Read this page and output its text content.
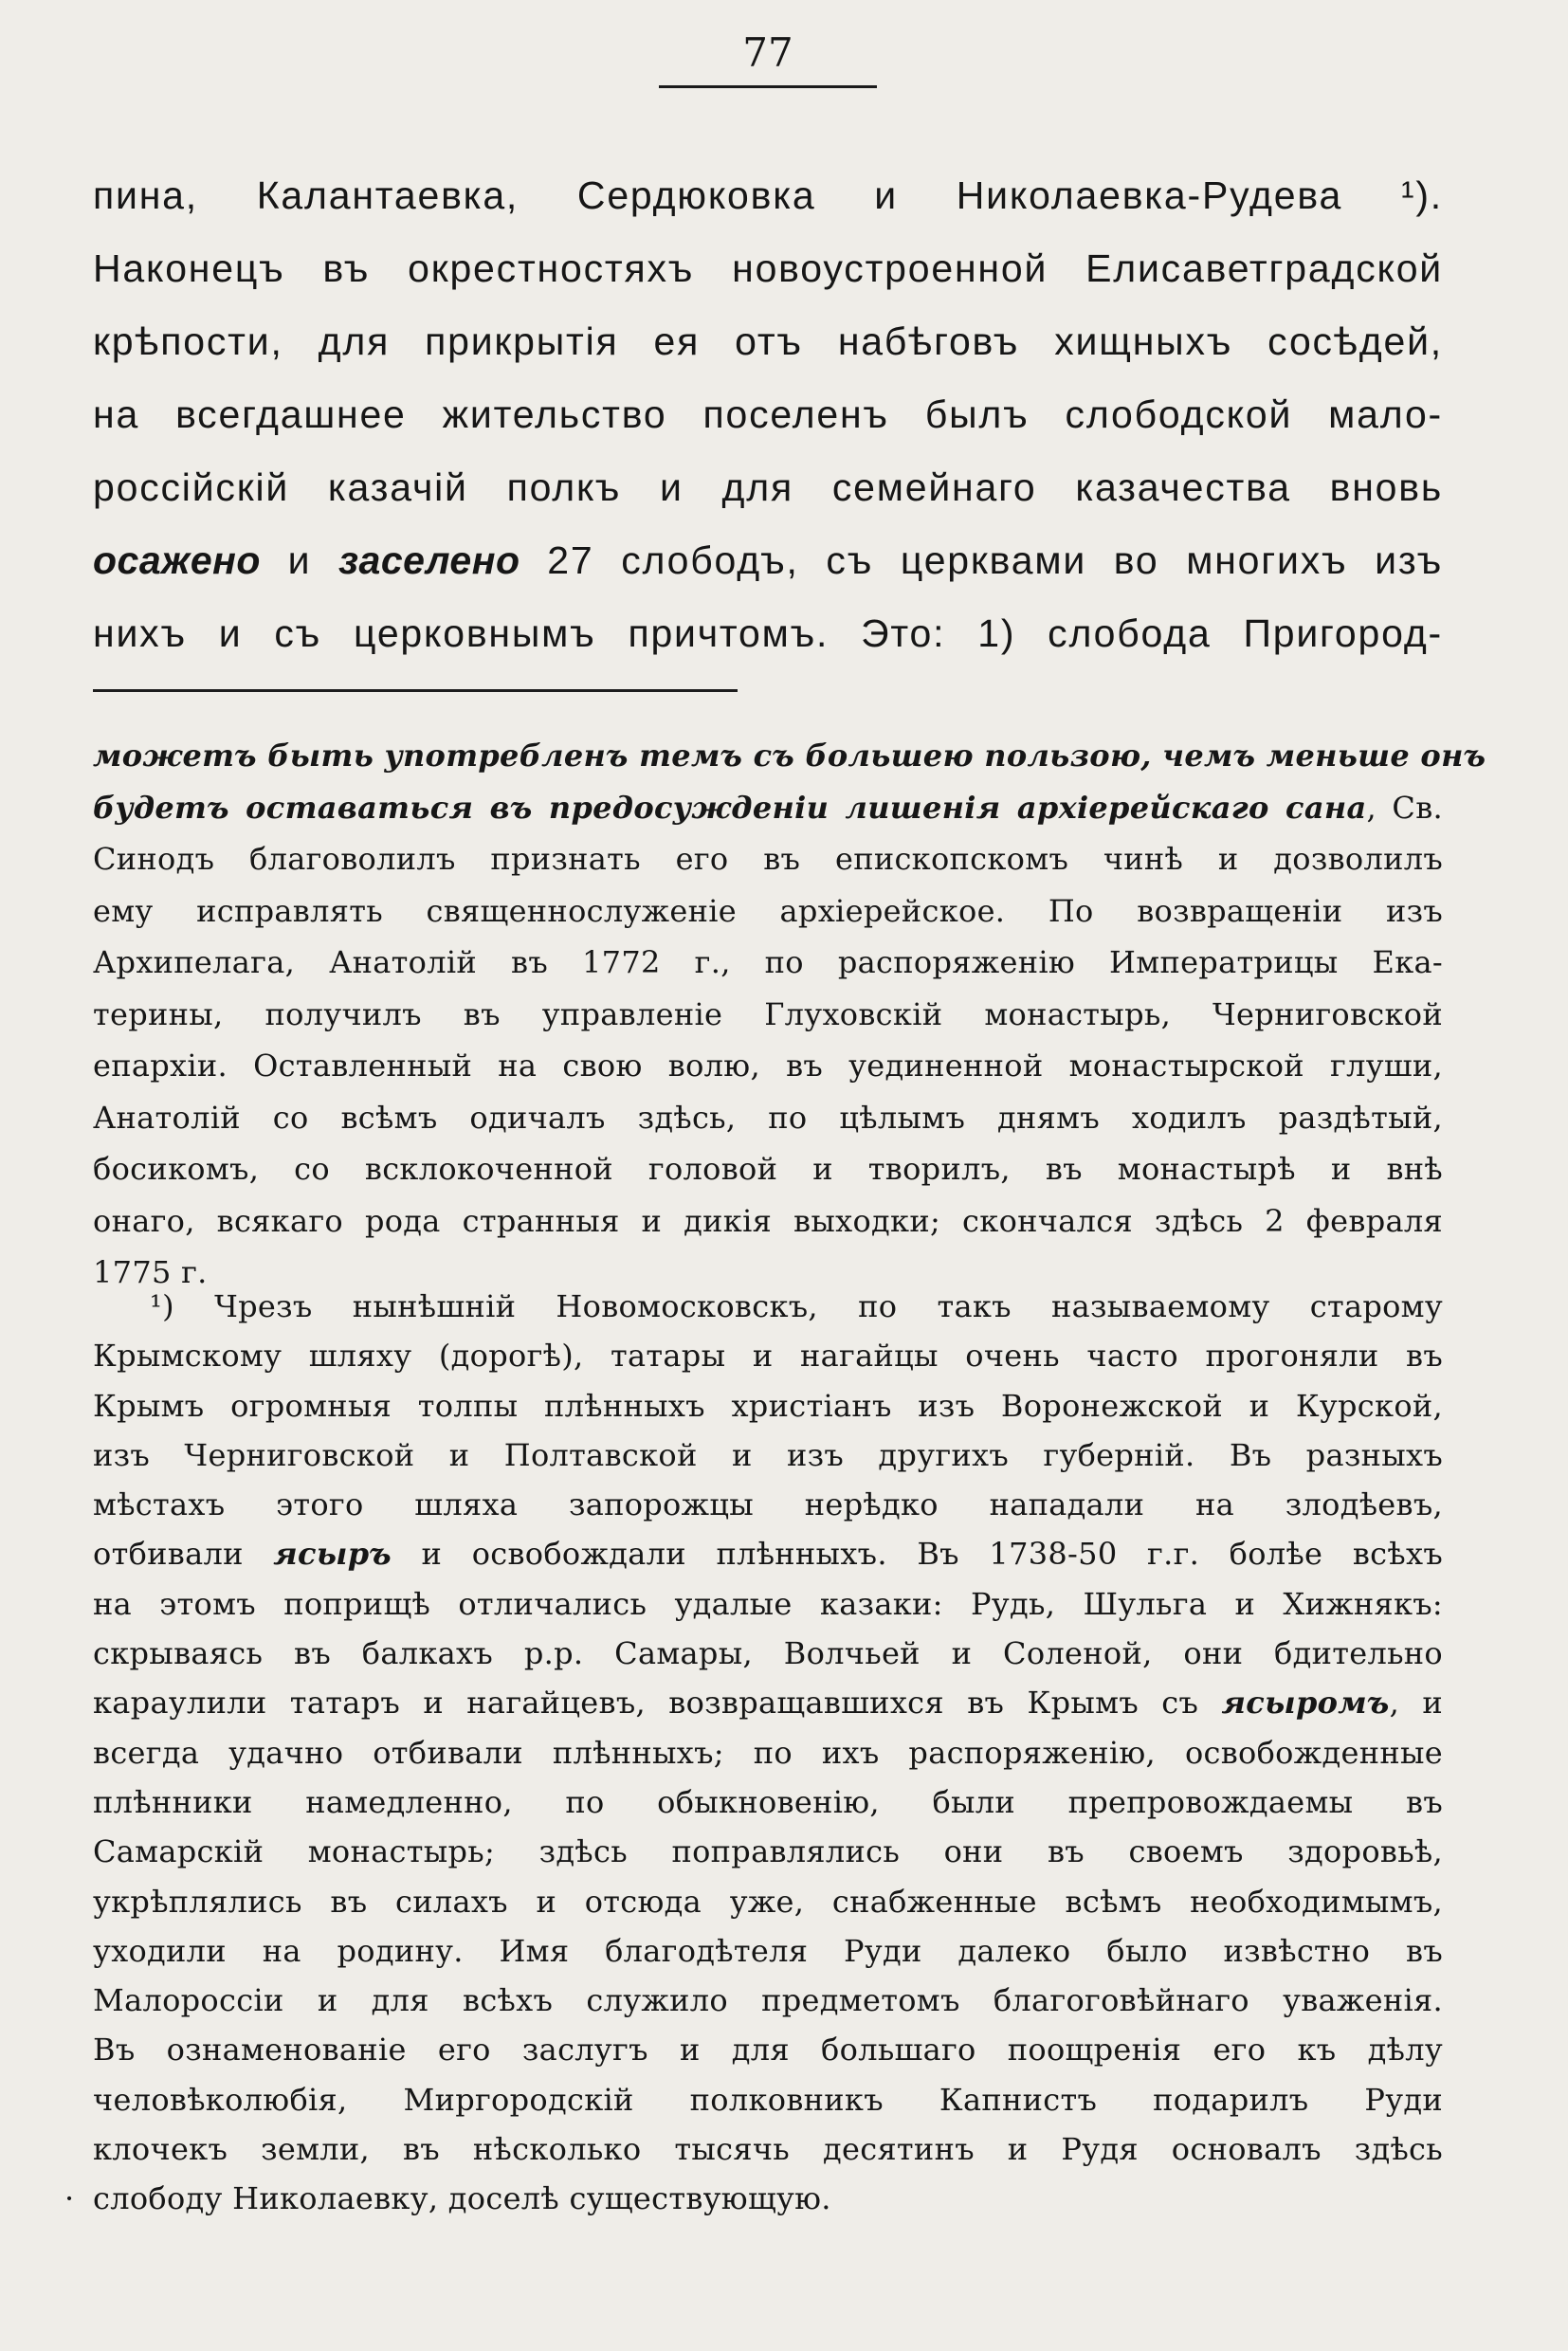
77
пина, Калантаевка, Сердюковка и Николаевка-Рудева ¹).
Наконецъ въ окрестностяхъ новоустроенной Елисаветградской
крѣпости, для прикрытія ея отъ набѣговъ хищныхъ сосѣдей,
на всегдашнее жительство поселенъ былъ слободской мало-
россійскій казачій полкъ и для семейнаго казачества вновь
осажено и заселено 27 слободъ, съ церквами во многихъ изъ
нихъ и съ церковнымъ причтомъ. Это: 1) слобода Пригород-
можетъ быть употребленъ темъ съ большею пользою, чемъ меньше онъ
будетъ оставаться въ предосужденіи лишенія архіерейскаго сана, Св.
Синодъ благоволилъ признать его въ епископскомъ чинѣ и дозволилъ
ему исправлять священнослуженіе архіерейское. По возвращеніи изъ
Архипелага, Анатолій въ 1772 г., по распоряженію Императрицы Ека-
терины, получилъ въ управленіе Глуховскій монастырь, Черниговской
епархіи. Оставленный на свою волю, въ уединенной монастырской глуши,
Анатолій со всѣмъ одичалъ здѣсь, по цѣлымъ днямъ ходилъ раздѣтый,
босикомъ, со всклокоченной головой и творилъ, въ монастырѣ и внѣ
онаго, всякаго рода странныя и дикія выходки; скончался здѣсь 2 февраля
1775 г.
¹) Чрезъ нынѣшній Новомосковскъ, по такъ называемому старому
Крымскому шляху (дорогѣ), татары и нагайцы очень часто прогоняли въ
Крымъ огромныя толпы плѣнныхъ христіанъ изъ Воронежской и Курской,
изъ Черниговской и Полтавской и изъ другихъ губерній. Въ разныхъ
мѣстахъ этого шляха запорожцы нерѣдко нападали на злодѣевъ,
отбивали ясыръ и освобождали плѣнныхъ. Въ 1738-50 г.г. болѣе всѣхъ
на этомъ поприщѣ отличались удалые казаки: Рудь, Шульга и Хижнякъ:
скрываясь въ балкахъ р.р. Самары, Волчьей и Соленой, они бдительно
караулили татаръ и нагайцевъ, возвращавшихся въ Крымъ съ ясыромъ, и
всегда удачно отбивали плѣнныхъ; по ихъ распоряженію, освобожденные
плѣнники намедленно, по обыкновенію, были препровождаемы въ
Самарскій монастырь; здѣсь поправлялись они въ своемъ здоровьѣ,
укрѣплялись въ силахъ и отсюда уже, снабженные всѣмъ необходимымъ,
уходили на родину. Имя благодѣтеля Руди далеко было извѣстно въ
Малороссіи и для всѣхъ служило предметомъ благоговѣйнаго уваженія.
Въ ознаменованіе его заслугъ и для большаго поощренія его къ дѣлу
человѣколюбія, Миргородскій полковникъ Капнистъ подарилъ Руди
клочекъ земли, въ нѣсколько тысячь десятинъ и Рудя основалъ здѣсь
· слободу Николаевку, доселѣ существующую.
